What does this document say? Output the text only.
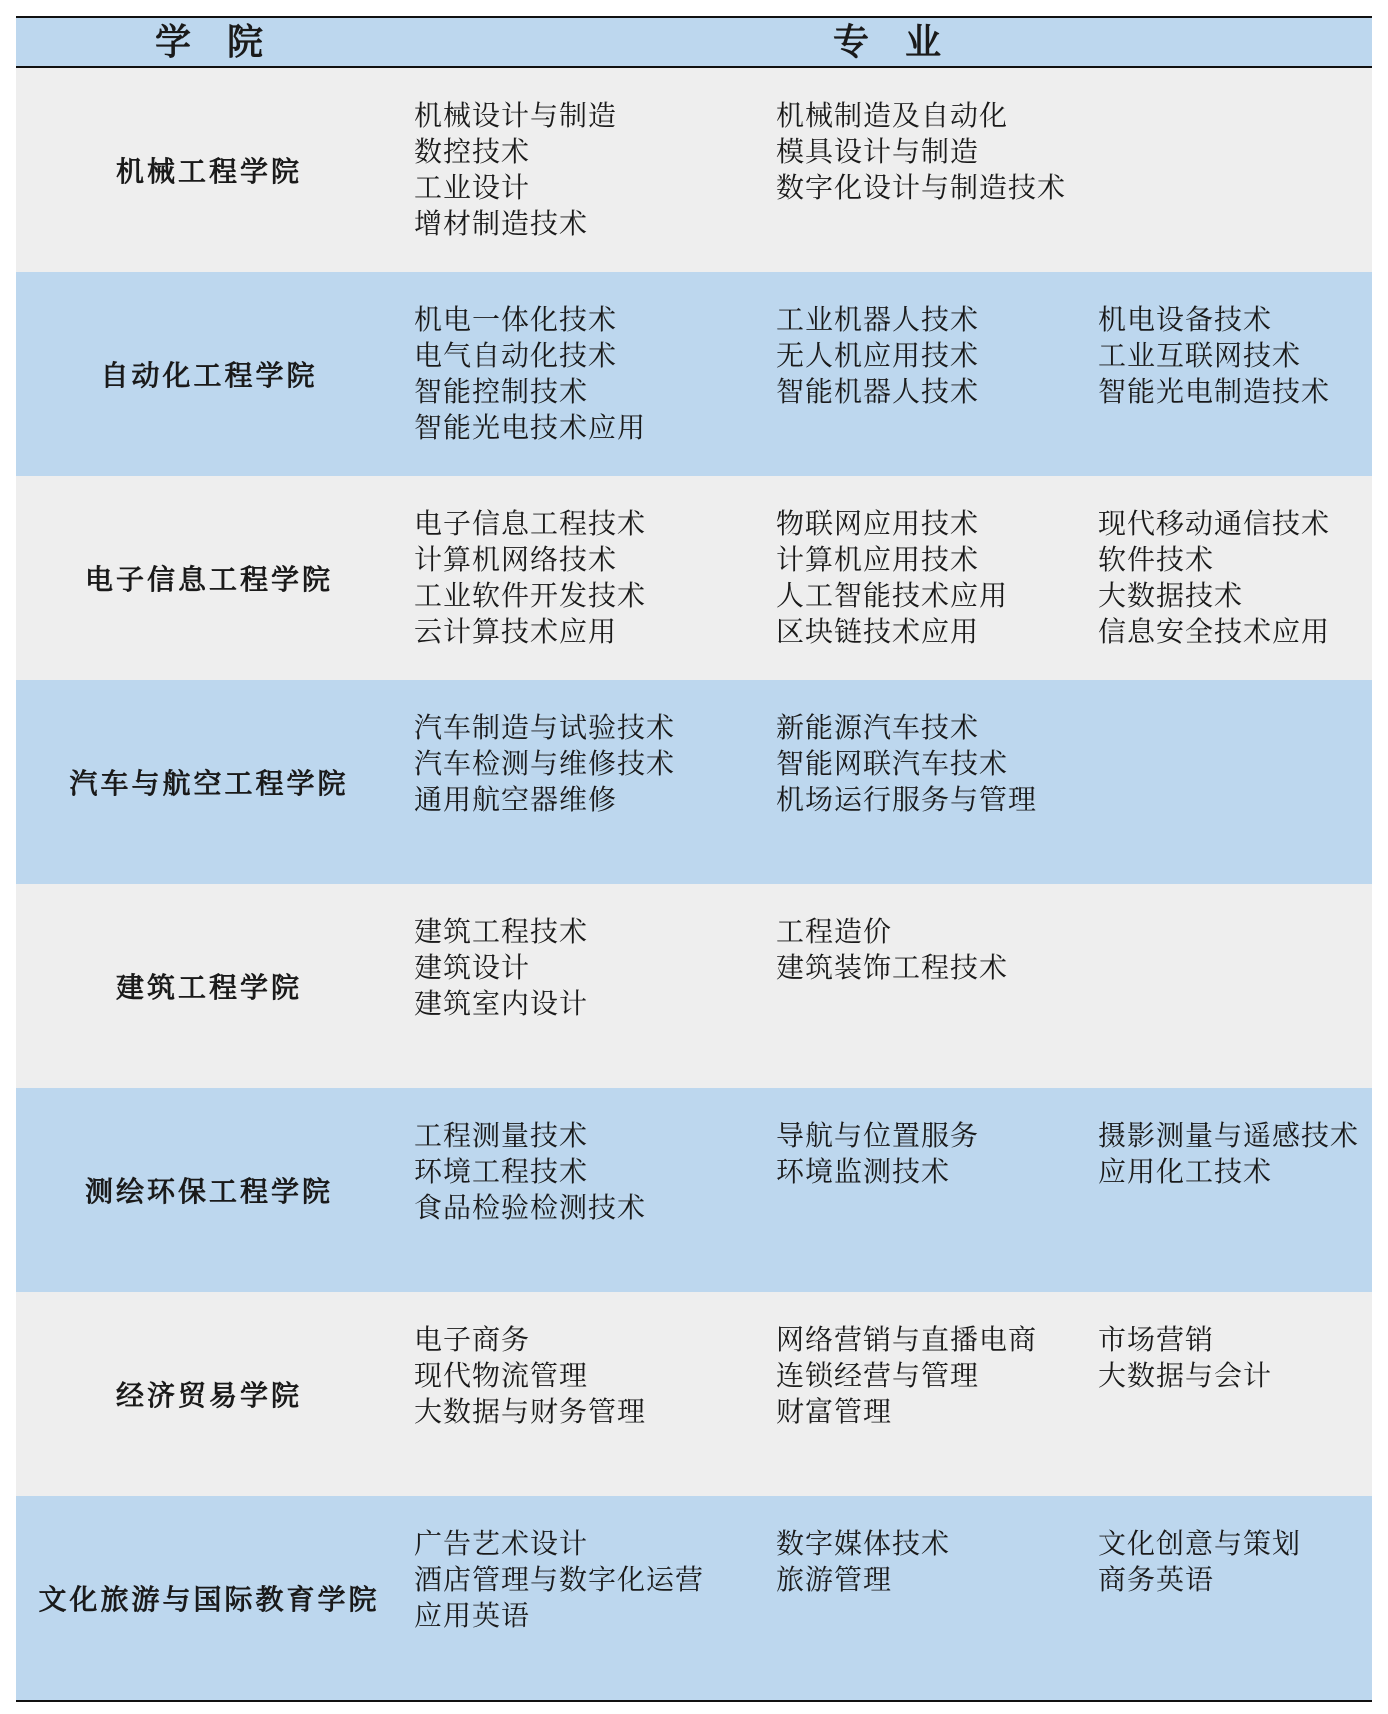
学院	专业
机械工程学院
机械设计与制造
数控技术
工业设计
增材制造技术
机械制造及自动化
模具设计与制造
数字化设计与制造技术
自动化工程学院
机电一体化技术
电气自动化技术
智能控制技术
智能光电技术应用
工业机器人技术
无人机应用技术
智能机器人技术
机电设备技术
工业互联网技术
智能光电制造技术
电子信息工程学院
电子信息工程技术
计算机网络技术
工业软件开发技术
云计算技术应用
物联网应用技术
计算机应用技术
人工智能技术应用
区块链技术应用
现代移动通信技术
软件技术
大数据技术
信息安全技术应用
汽车与航空工程学院
汽车制造与试验技术
汽车检测与维修技术
通用航空器维修
新能源汽车技术
智能网联汽车技术
机场运行服务与管理
建筑工程学院
建筑工程技术
建筑设计
建筑室内设计
工程造价
建筑装饰工程技术
测绘环保工程学院
工程测量技术
环境工程技术
食品检验检测技术
导航与位置服务
环境监测技术
摄影测量与遥感技术
应用化工技术
经济贸易学院
电子商务
现代物流管理
大数据与财务管理
网络营销与直播电商
连锁经营与管理
财富管理
市场营销
大数据与会计
文化旅游与国际教育学院
广告艺术设计
酒店管理与数字化运营
应用英语
数字媒体技术
旅游管理
文化创意与策划
商务英语
